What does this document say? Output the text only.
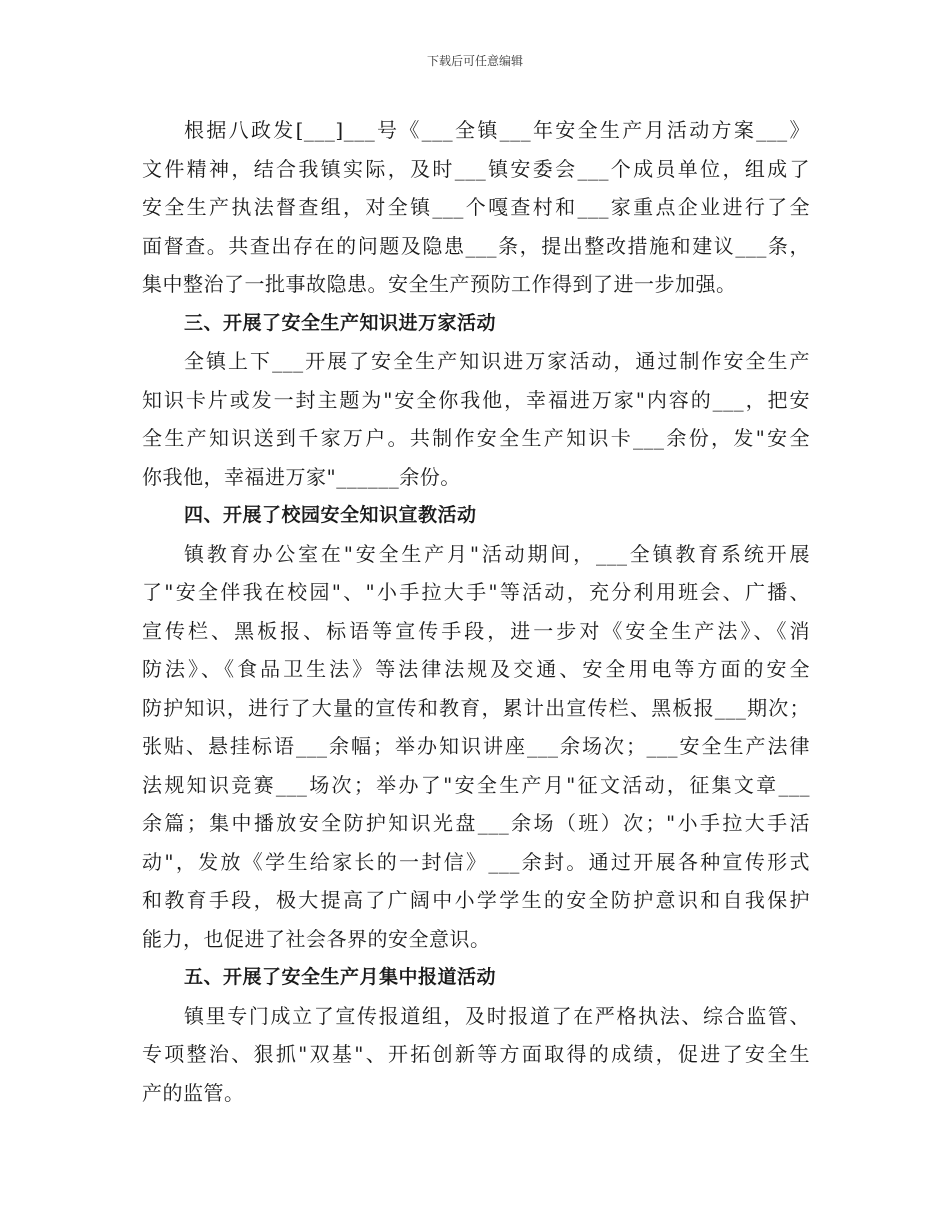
下载后可任意编辑
根据八政发[___]___号《___全镇___年安全生产月活动方案___》
文件精神，结合我镇实际，及时___镇安委会___个成员单位，组成了
安全生产执法督查组，对全镇___个嘎查村和___家重点企业进行了全
面督查。共查出存在的问题及隐患___条，提出整改措施和建议___条，
集中整治了一批事故隐患。安全生产预防工作得到了进一步加强。
三、开展了安全生产知识进万家活动
全镇上下___开展了安全生产知识进万家活动，通过制作安全生产
知识卡片或发一封主题为"安全你我他，幸福进万家"内容的___，把安
全生产知识送到千家万户。共制作安全生产知识卡___余份，发"安全
你我他，幸福进万家"______余份。
四、开展了校园安全知识宣教活动
镇教育办公室在"安全生产月"活动期间，___全镇教育系统开展
了"安全伴我在校园"、"小手拉大手"等活动，充分利用班会、广播、
宣传栏、黑板报、标语等宣传手段，进一步对《安全生产法》、《消
防法》、《食品卫生法》等法律法规及交通、安全用电等方面的安全
防护知识，进行了大量的宣传和教育，累计出宣传栏、黑板报___期次；
张贴、悬挂标语___余幅；举办知识讲座___余场次；___安全生产法律
法规知识竞赛___场次；举办了"安全生产月"征文活动，征集文章___
余篇；集中播放安全防护知识光盘___余场（班）次；"小手拉大手活
动"，发放《学生给家长的一封信》___余封。通过开展各种宣传形式
和教育手段，极大提高了广阔中小学学生的安全防护意识和自我保护
能力，也促进了社会各界的安全意识。
五、开展了安全生产月集中报道活动
镇里专门成立了宣传报道组，及时报道了在严格执法、综合监管、
专项整治、狠抓"双基"、开拓创新等方面取得的成绩，促进了安全生
产的监管。
